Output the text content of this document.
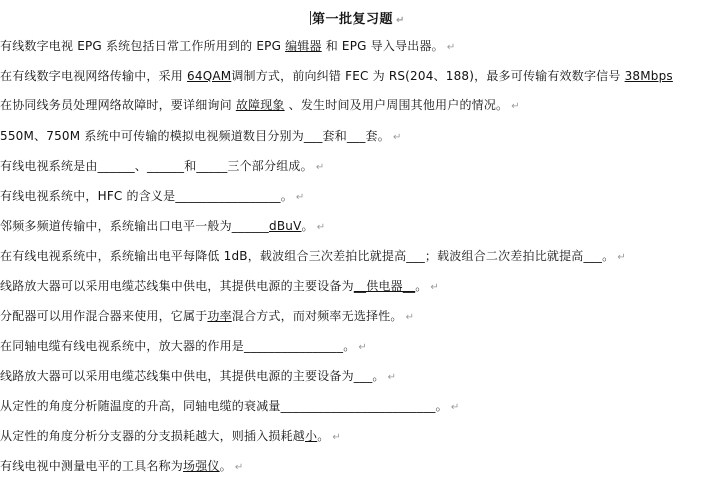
第一批复习题 ↵
有线数字电视 EPG 系统包括日常工作所用到的 EPG 编辑器 和 EPG 导入导出器。 ↵
在有线数字电视网络传输中，采用 64QAM调制方式，前向纠错 FEC 为 RS(204、188)，最多可传输有效数字信号 38Mbps
在协同线务员处理网络故障时，要详细询问 故障现象 、发生时间及用户周围其他用户的情况。 ↵
550M、750M 系统中可传输的模拟电视频道数目分别为___套和___套。 ↵
有线电视系统是由______、______和_____三个部分组成。 ↵
有线电视系统中，HFC 的含义是_________________。 ↵
邻频多频道传输中，系统输出口电平一般为______dBuV。 ↵
在有线电视系统中，系统输出电平每降低 1dB，载波组合三次差拍比就提高___；载波组合二次差拍比就提高___。 ↵
线路放大器可以采用电缆芯线集中供电，其提供电源的主要设备为__供电器__。 ↵
分配器可以用作混合器来使用，它属于功率混合方式，而对频率无选择性。 ↵
在同轴电缆有线电视系统中，放大器的作用是________________。 ↵
线路放大器可以采用电缆芯线集中供电，其提供电源的主要设备为___。 ↵
从定性的角度分析随温度的升高，同轴电缆的衰减量_________________________。 ↵
从定性的角度分析分支器的分支损耗越大，则插入损耗越小。 ↵
有线电视中测量电平的工具名称为场强仪。 ↵
